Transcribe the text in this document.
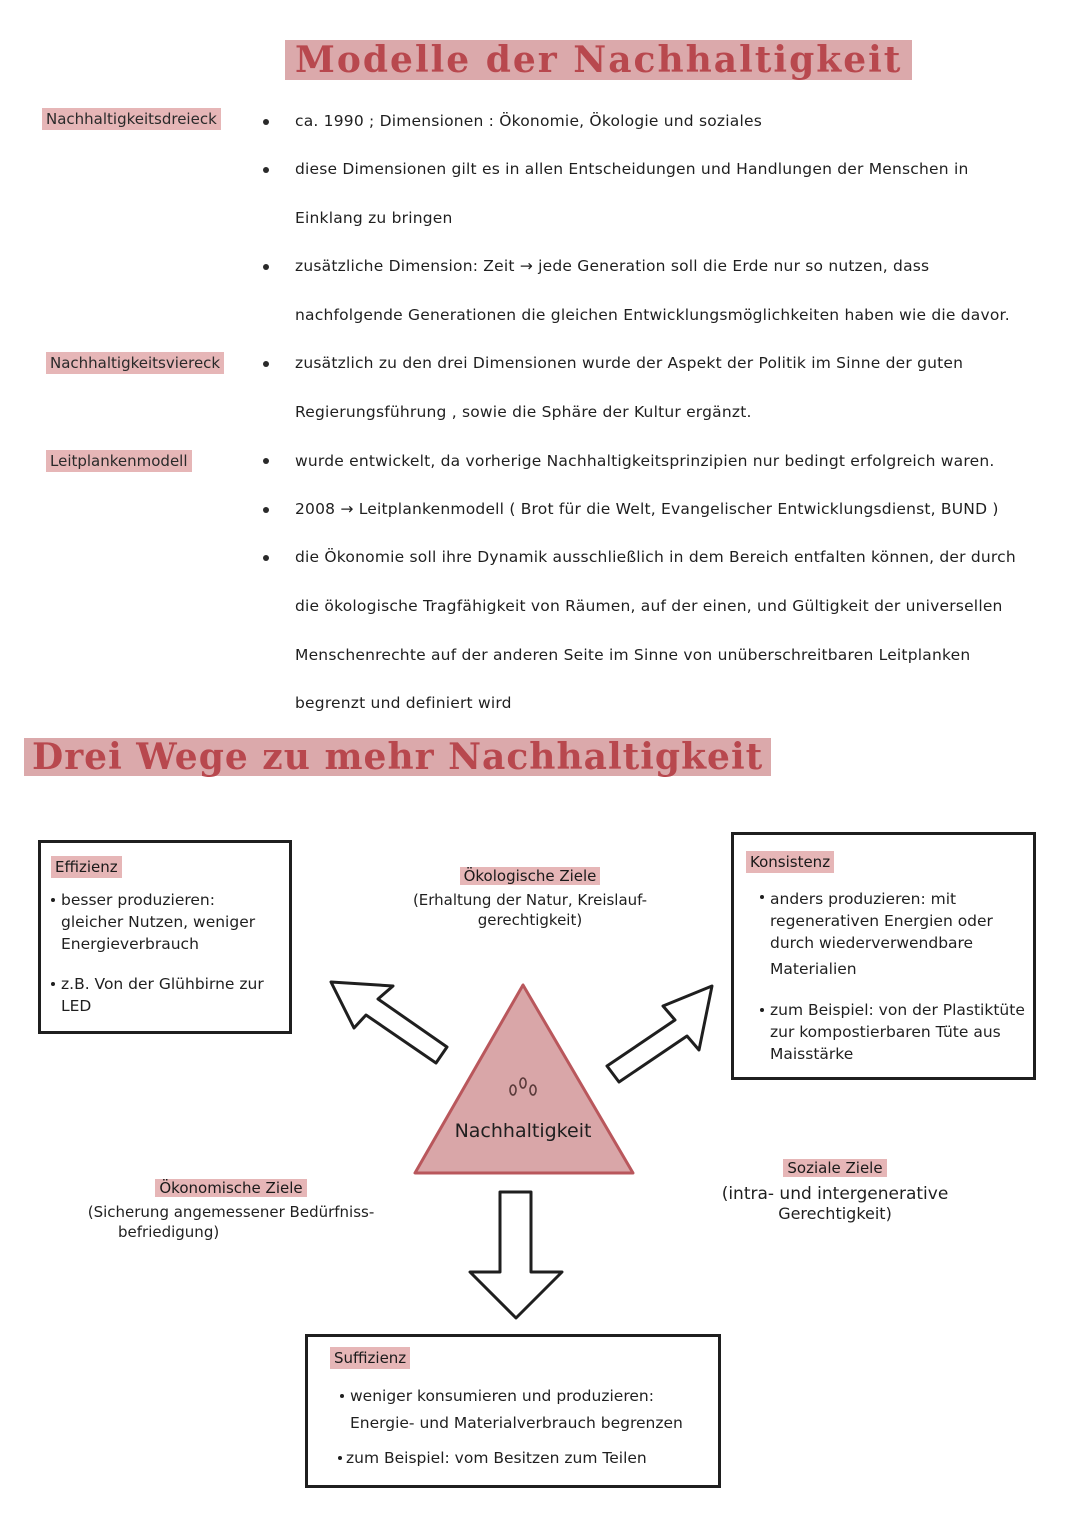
Modelle der Nachhaltigkeit
Nachhaltigkeitsdreieck
Nachhaltigkeitsviereck
Leitplankenmodell
ca. 1990 ; Dimensionen : Ökonomie, Ökologie und soziales
diese Dimensionen gilt es in allen Entscheidungen und Handlungen der Menschen in
Einklang zu bringen
zusätzliche Dimension: Zeit → jede Generation soll die Erde nur so nutzen, dass
nachfolgende Generationen die gleichen Entwicklungsmöglichkeiten haben wie die davor.
zusätzlich zu den drei Dimensionen wurde der Aspekt der Politik im Sinne der guten
Regierungsführung , sowie die Sphäre der Kultur ergänzt.
wurde entwickelt, da vorherige Nachhaltigkeitsprinzipien nur bedingt erfolgreich waren.
2008 → Leitplankenmodell ( Brot für die Welt, Evangelischer Entwicklungsdienst, BUND )
die Ökonomie soll ihre Dynamik ausschließlich in dem Bereich entfalten können, der durch
die ökologische Tragfähigkeit von Räumen, auf der einen, und Gültigkeit der universellen
Menschenrechte auf der anderen Seite im Sinne von unüberschreitbaren Leitplanken
begrenzt und definiert wird
Drei Wege zu mehr Nachhaltigkeit
Nachhaltigkeit
Effizienz
besser produzieren:
gleicher Nutzen, weniger
Energieverbrauch
z.B. Von der Glühbirne zur
LED
Konsistenz
anders produzieren: mit
regenerativen Energien oder
durch wiederverwendbare
Materialien
zum Beispiel: von der Plastiktüte
zur kompostierbaren Tüte aus
Maisstärke
Suffizienz
weniger konsumieren und produzieren:
Energie- und Materialverbrauch begrenzen
zum Beispiel: vom Besitzen zum Teilen
Ökologische Ziele
(Erhaltung der Natur, Kreislauf-
gerechtigkeit)
Ökonomische Ziele
(Sicherung angemessener Bedürfniss-
befriedigung)
Soziale Ziele
(intra- und intergenerative
Gerechtigkeit)
